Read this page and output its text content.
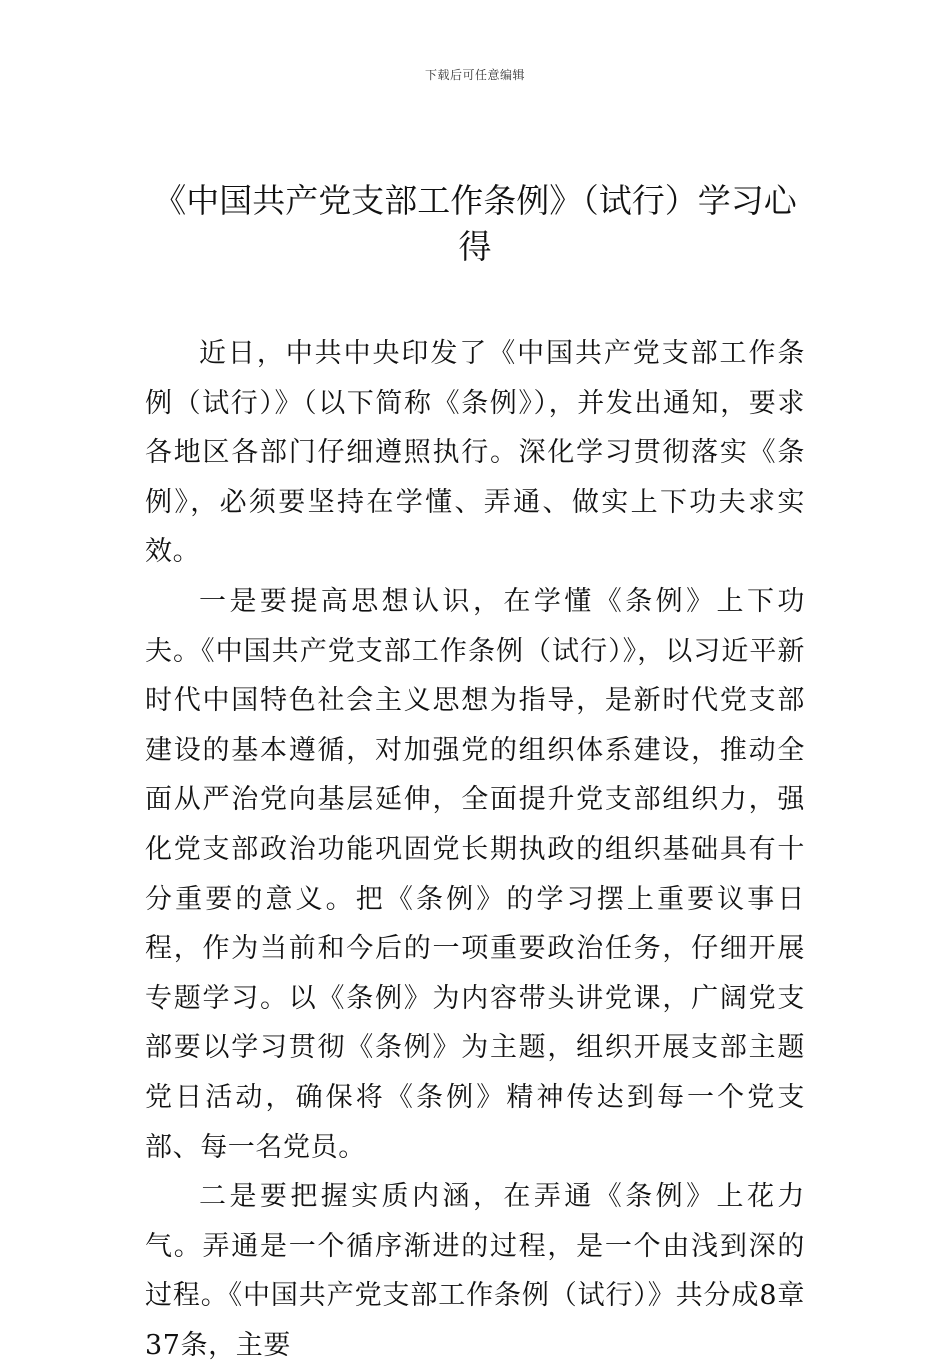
下载后可任意编辑
《中国共产党支部工作条例》（试行）学习心得

近日，中共中央印发了《中国共产党支部工作条例（试行）》（以下简称《条例》），并发出通知，要求各地区各部门仔细遵照执行。深化学习贯彻落实《条例》，必须要坚持在学懂、弄通、做实上下功夫求实效。

一是要提高思想认识，在学懂《条例》上下功夫。《中国共产党支部工作条例（试行）》，以习近平新时代中国特色社会主义思想为指导，是新时代党支部建设的基本遵循，对加强党的组织体系建设，推动全面从严治党向基层延伸，全面提升党支部组织力，强化党支部政治功能巩固党长期执政的组织基础具有十分重要的意义。把《条例》的学习摆上重要议事日程，作为当前和今后的一项重要政治任务，仔细开展专题学习。以《条例》为内容带头讲党课，广阔党支部要以学习贯彻《条例》为主题，组织开展支部主题党日活动，确保将《条例》精神传达到每一个党支部、每一名党员。

二是要把握实质内涵，在弄通《条例》上花力气。弄通是一个循序渐进的过程，是一个由浅到深的过程。《中国共产党支部工作条例（试行）》共分成8章37条，主要
